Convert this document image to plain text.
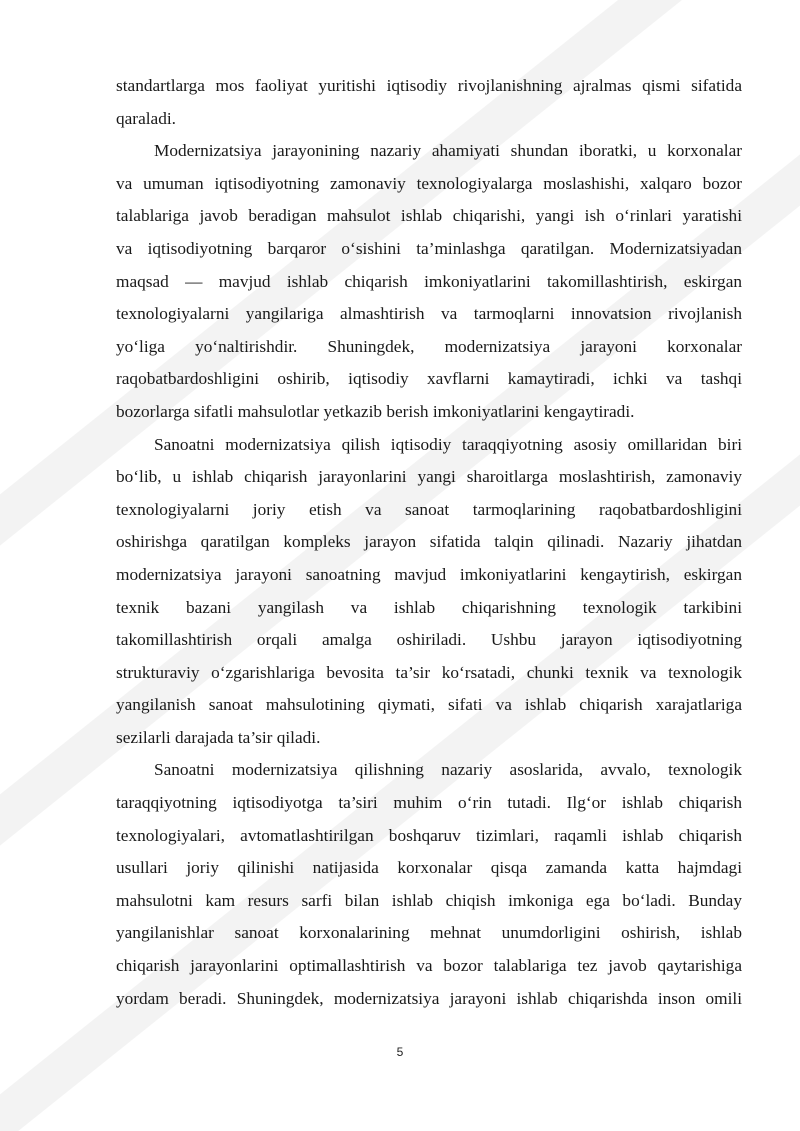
standartlarga mos faoliyat yuritishi iqtisodiy rivojlanishning ajralmas qismi sifatida
qaraladi.
Modernizatsiya jarayonining nazariy ahamiyati shundan iboratki, u korxonalar
va umuman iqtisodiyotning zamonaviy texnologiyalarga moslashishi, xalqaro bozor
talablariga javob beradigan mahsulot ishlab chiqarishi, yangi ish o‘rinlari yaratishi
va iqtisodiyotning barqaror o‘sishini ta’minlashga qaratilgan. Modernizatsiyadan
maqsad — mavjud ishlab chiqarish imkoniyatlarini takomillashtirish, eskirgan
texnologiyalarni yangilariga almashtirish va tarmoqlarni innovatsion rivojlanish
yo‘liga yo‘naltirishdir. Shuningdek, modernizatsiya jarayoni korxonalar
raqobatbardoshligini oshirib, iqtisodiy xavflarni kamaytiradi, ichki va tashqi
bozorlarga sifatli mahsulotlar yetkazib berish imkoniyatlarini kengaytiradi.
Sanoatni modernizatsiya qilish iqtisodiy taraqqiyotning asosiy omillaridan biri
bo‘lib, u ishlab chiqarish jarayonlarini yangi sharoitlarga moslashtirish, zamonaviy
texnologiyalarni joriy etish va sanoat tarmoqlarining raqobatbardoshligini
oshirishga qaratilgan kompleks jarayon sifatida talqin qilinadi. Nazariy jihatdan
modernizatsiya jarayoni sanoatning mavjud imkoniyatlarini kengaytirish, eskirgan
texnik bazani yangilash va ishlab chiqarishning texnologik tarkibini
takomillashtirish orqali amalga oshiriladi. Ushbu jarayon iqtisodiyotning
strukturaviy o‘zgarishlariga bevosita ta’sir ko‘rsatadi, chunki texnik va texnologik
yangilanish sanoat mahsulotining qiymati, sifati va ishlab chiqarish xarajatlariga
sezilarli darajada ta’sir qiladi.
Sanoatni modernizatsiya qilishning nazariy asoslarida, avvalo, texnologik
taraqqiyotning iqtisodiyotga ta’siri muhim o‘rin tutadi. Ilg‘or ishlab chiqarish
texnologiyalari, avtomatlashtirilgan boshqaruv tizimlari, raqamli ishlab chiqarish
usullari joriy qilinishi natijasida korxonalar qisqa zamanda katta hajmdagi
mahsulotni kam resurs sarfi bilan ishlab chiqish imkoniga ega bo‘ladi. Bunday
yangilanishlar sanoat korxonalarining mehnat unumdorligini oshirish, ishlab
chiqarish jarayonlarini optimallashtirish va bozor talablariga tez javob qaytarishiga
yordam beradi. Shuningdek, modernizatsiya jarayoni ishlab chiqarishda inson omili
5
